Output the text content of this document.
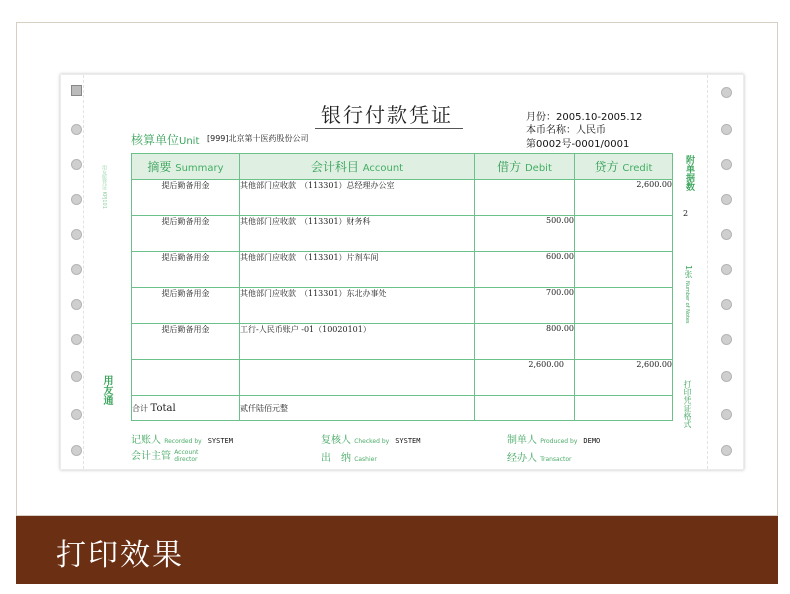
用友通
用友版凭证 KPJ101
银行付款凭证	月份：2005.10-2005.12
本币名称：人民币
第0002号-0001/0001
核算单位Unit [999]北京第十医药股份公司
摘要 Summary	会计科目 Account	借方 Debit	贷方 Credit
提后勤备用金	其他部门应收款　（113301）总经理办公室		2,600.00
提后勤备用金	其他部门应收款　（113301）财务科	500.00	
提后勤备用金	其他部门应收款　（113301）片剂车间	600.00	
提后勤备用金	其他部门应收款　（113301）东北办事处	700.00	
提后勤备用金	工行-人民币账户 -01（10020101）	800.00	
		2,600.00	2,600.00
合计 Total	贰仟陆佰元整		
附单据数
2
1张
Number of Notes
打印凭证格式
记账人 Recorded by SYSTEM	复核人 Checked by SYSTEM	制单人 Produced by DEMO
会计主管 Account
director	出　纳 Cashier	经办人 Transactor
打印效果
